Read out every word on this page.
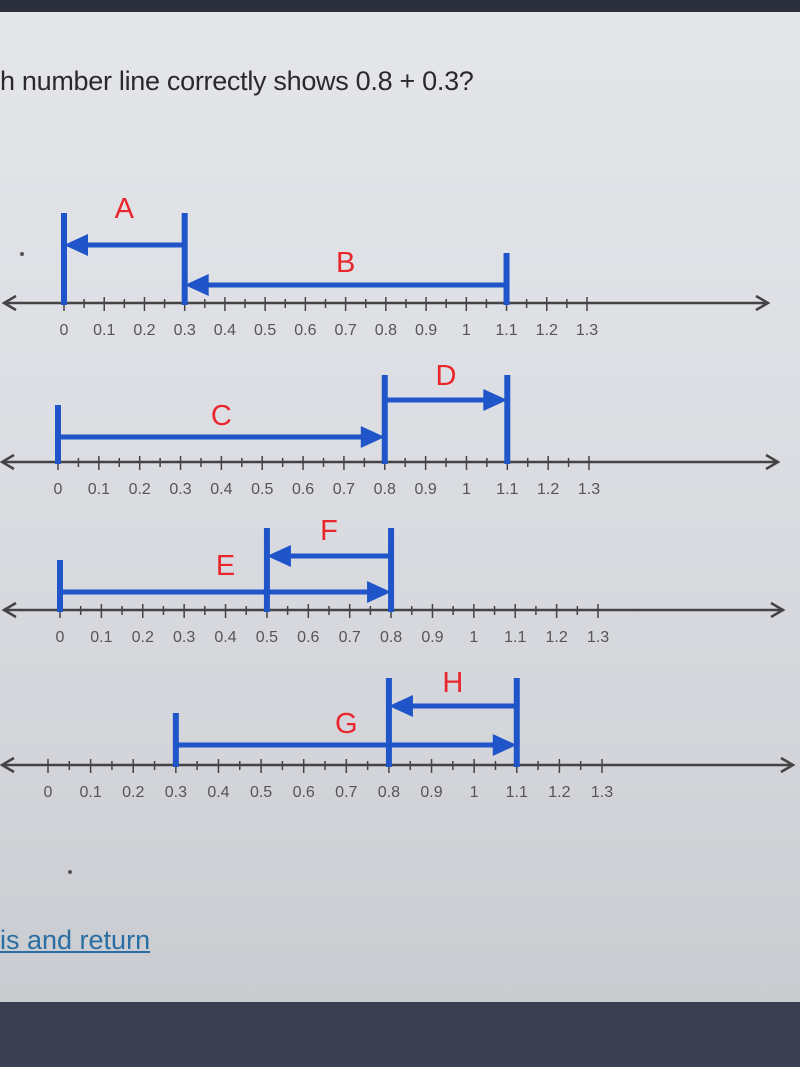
h number line correctly shows 0.8 + 0.3?

is and return
0 0.1 0.2 0.3 0.4 0.5 0.6 0.7 0.8 0.9 1 1.1 1.2 1.3
A
B
0 0.1 0.2 0.3 0.4 0.5 0.6 0.7 0.8 0.9 1 1.1 1.2 1.3
C
D
0 0.1 0.2 0.3 0.4 0.5 0.6 0.7 0.8 0.9 1 1.1 1.2 1.3
E
F
0 0.1 0.2 0.3 0.4 0.5 0.6 0.7 0.8 0.9 1 1.1 1.2 1.3
G
H
